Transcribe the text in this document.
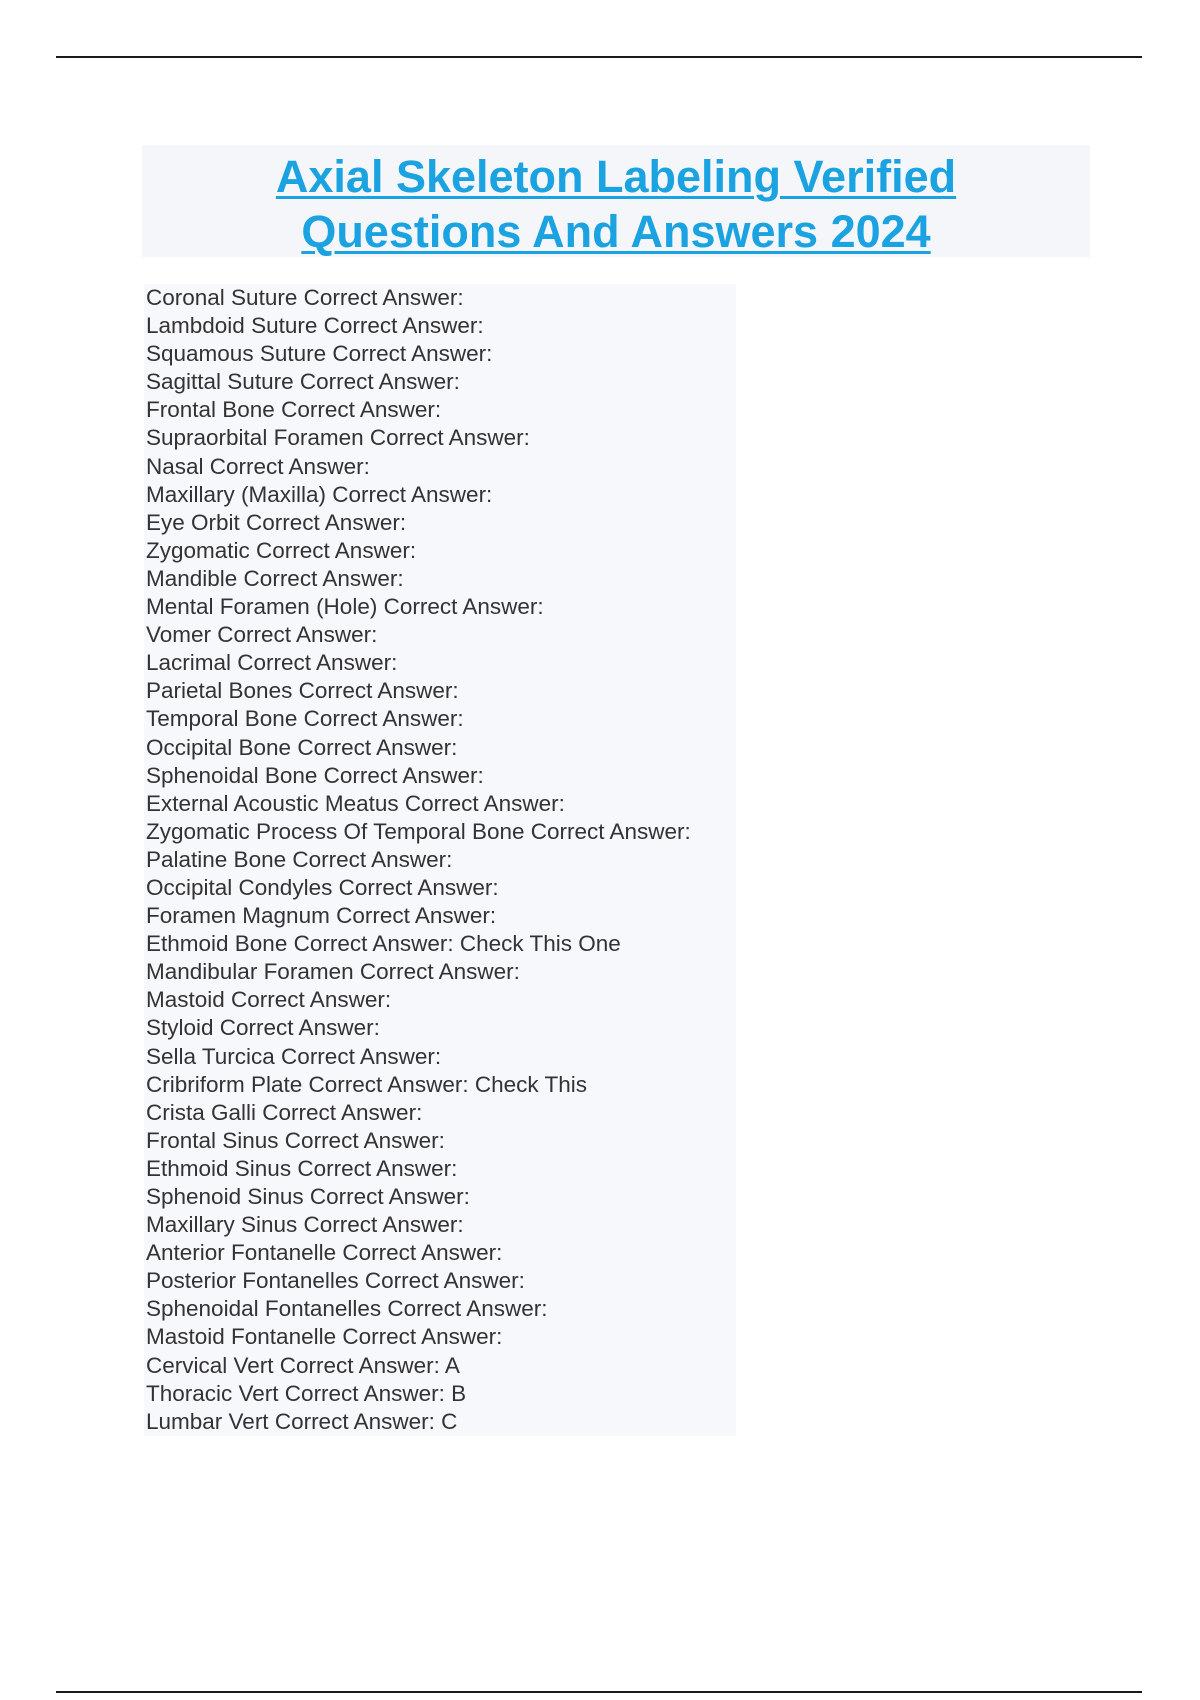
Axial Skeleton Labeling Verified
Questions And Answers 2024
Coronal Suture Correct Answer:
Lambdoid Suture Correct Answer:
Squamous Suture Correct Answer:
Sagittal Suture Correct Answer:
Frontal Bone Correct Answer:
Supraorbital Foramen Correct Answer:
Nasal Correct Answer:
Maxillary (Maxilla) Correct Answer:
Eye Orbit Correct Answer:
Zygomatic Correct Answer:
Mandible Correct Answer:
Mental Foramen (Hole) Correct Answer:
Vomer Correct Answer:
Lacrimal Correct Answer:
Parietal Bones Correct Answer:
Temporal Bone Correct Answer:
Occipital Bone Correct Answer:
Sphenoidal Bone Correct Answer:
External Acoustic Meatus Correct Answer:
Zygomatic Process Of Temporal Bone Correct Answer:
Palatine Bone Correct Answer:
Occipital Condyles Correct Answer:
Foramen Magnum Correct Answer:
Ethmoid Bone Correct Answer: Check This One
Mandibular Foramen Correct Answer:
Mastoid Correct Answer:
Styloid Correct Answer:
Sella Turcica Correct Answer:
Cribriform Plate Correct Answer: Check This
Crista Galli Correct Answer:
Frontal Sinus Correct Answer:
Ethmoid Sinus Correct Answer:
Sphenoid Sinus Correct Answer:
Maxillary Sinus Correct Answer:
Anterior Fontanelle Correct Answer:
Posterior Fontanelles Correct Answer:
Sphenoidal Fontanelles Correct Answer:
Mastoid Fontanelle Correct Answer:
Cervical Vert Correct Answer: A
Thoracic Vert Correct Answer: B
Lumbar Vert Correct Answer: C
